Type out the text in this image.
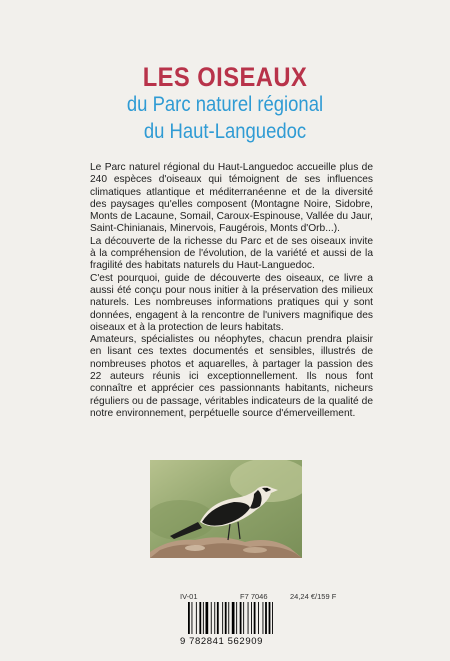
LES OISEAUX
du Parc naturel régional
du Haut-Languedoc

Le Parc naturel régional du Haut-Languedoc accueille plus de 240 espèces d'oiseaux qui témoignent de ses influences climatiques atlantique et méditerranéenne et de la diversité des paysages qu'elles composent (Montagne Noire, Sidobre, Monts de Lacaune, Somail, Caroux-Espinouse, Vallée du Jaur, Saint-Chinianais, Minervois, Faugérois, Monts d'Orb...).

La découverte de la richesse du Parc et de ses oiseaux invite à la compréhension de l'évolution, de la variété et aussi de la fragilité des habitats naturels du Haut-Languedoc.

C'est pourquoi, guide de découverte des oiseaux, ce livre a aussi été conçu pour nous initier à la préservation des milieux naturels. Les nombreuses informations pratiques qui y sont données, engagent à la rencontre de l'univers magnifique des oiseaux et à la protection de leurs habitats.

Amateurs, spécialistes ou néophytes, chacun prendra plaisir en lisant ces textes documentés et sensibles, illustrés de nombreuses photos et aquarelles, à partager la passion des 22 auteurs réunis ici exceptionnellement. Ils nous font connaître et apprécier ces passionnants habitants, nicheurs réguliers ou de passage, véritables indicateurs de la qualité de notre environnement, perpétuelle source d'émerveillement.

IV-01	F7 7046	24,24 €/159 F
9 782841 562909
